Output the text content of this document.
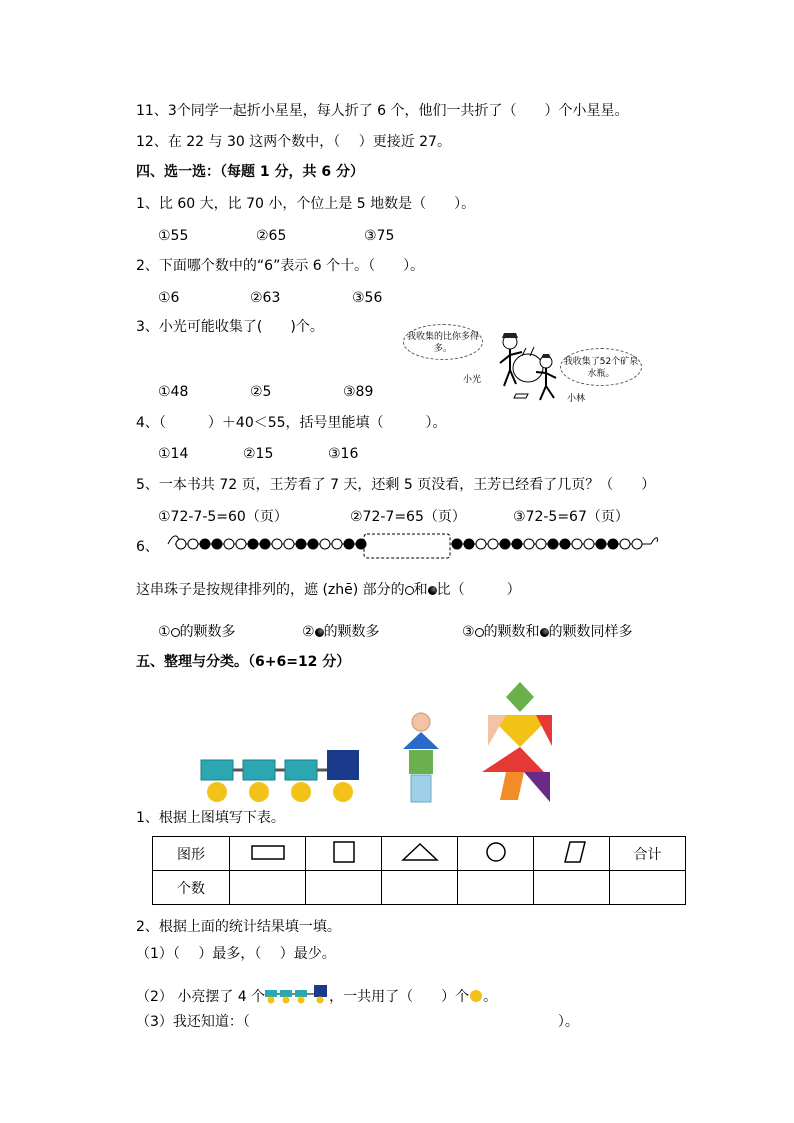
11、3个同学一起折小星星，每人折了 6 个，他们一共折了（　　）个小星星。
12、在 22 与 30 这两个数中，（　 ）更接近 27。
四、选一选：（每题 1 分，共 6 分）
1、比 60 大，比 70 小，个位上是 5 地数是（　　）。
①55	②65	③75
2、下面哪个数中的“6”表示 6 个十。（　　）。
①6	②63	③56
3、小光可能收集了(　　)个。
①48	②5	③89
我收集的比你多得多。
我收集了52个矿泉水瓶。
小光
小林
4、（　　　）＋40＜55，括号里能填（　　　）。
①14	②15	③16
5、一本书共 72 页，王芳看了 7 天，还剩 5 页没看，王芳已经看了几页？（　　）
①72-7-5=60（页）	②72-7=65（页）	③72-5=67（页）
6、
这串珠子是按规律排列的，遮 (zhē) 部分的 和 比（　　　）
① 的颗数多	② 的颗数多	③ 的颗数和 的颗数同样多
五、整理与分类。（6+6=12 分）
1、根据上图填写下表。
图形						合计
个数						
2、根据上面的统计结果填一填。
（1）（　 ）最多，（　 ）最少。
（2） 小亮摆了 4 个	，一共用了（　　）个 。
（3）我还知道：（　　　　　　　　　　　　　　　　　　　　　　）。
